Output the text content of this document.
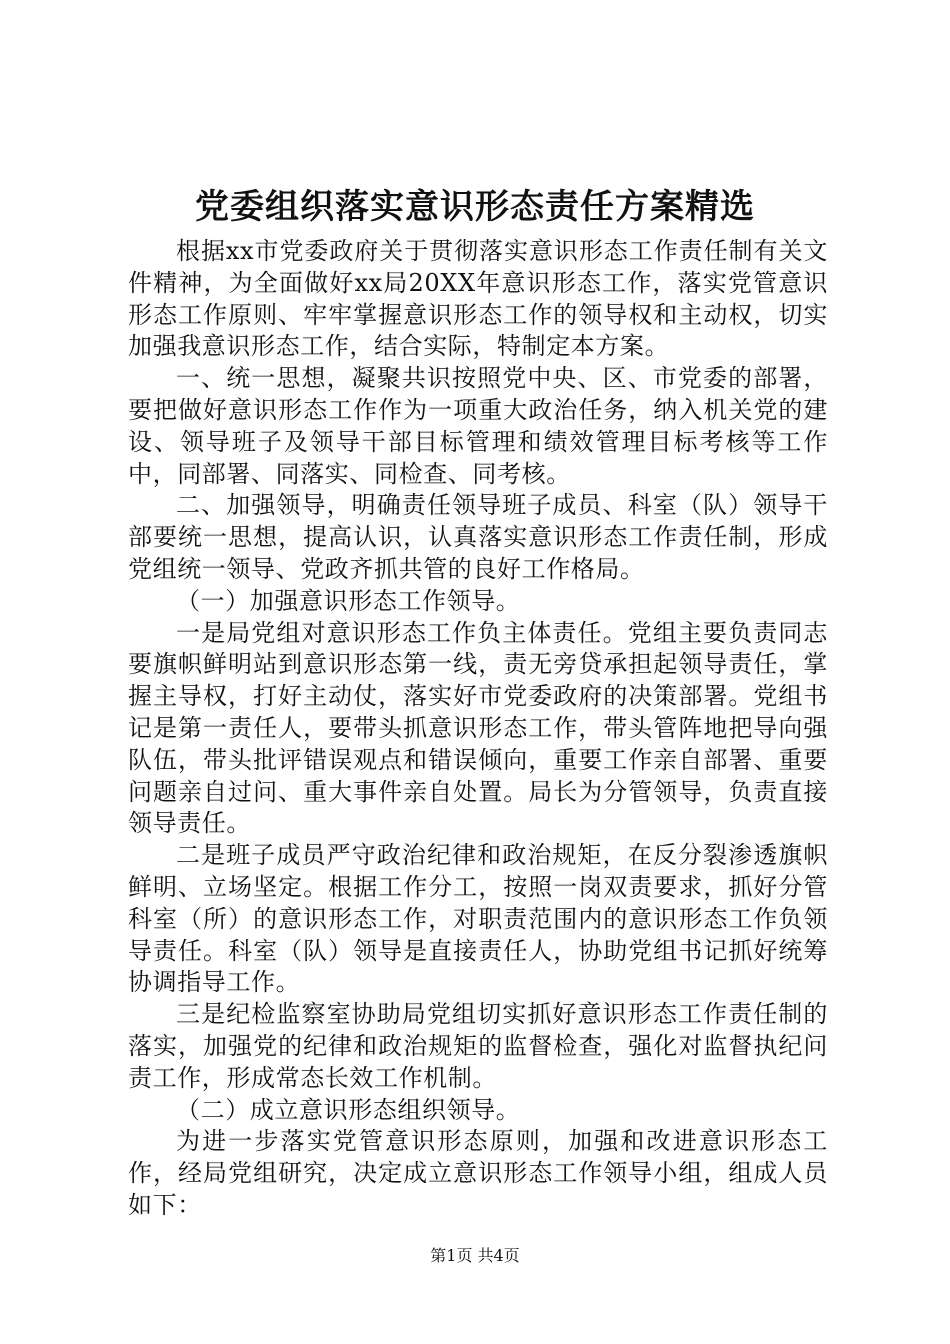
党委组织落实意识形态责任方案精选

根据xx市党委政府关于贯彻落实意识形态工作责任制有关文件精神，为全面做好xx局20XX年意识形态工作，落实党管意识形态工作原则、牢牢掌握意识形态工作的领导权和主动权，切实加强我意识形态工作，结合实际，特制定本方案。

一、统一思想，凝聚共识按照党中央、区、市党委的部署，要把做好意识形态工作作为一项重大政治任务，纳入机关党的建设、领导班子及领导干部目标管理和绩效管理目标考核等工作中，同部署、同落实、同检查、同考核。

二、加强领导，明确责任领导班子成员、科室（队）领导干部要统一思想，提高认识，认真落实意识形态工作责任制，形成党组统一领导、党政齐抓共管的良好工作格局。

（一）加强意识形态工作领导。

一是局党组对意识形态工作负主体责任。党组主要负责同志要旗帜鲜明站到意识形态第一线，责无旁贷承担起领导责任，掌握主导权，打好主动仗，落实好市党委政府的决策部署。党组书记是第一责任人，要带头抓意识形态工作，带头管阵地把导向强队伍，带头批评错误观点和错误倾向，重要工作亲自部署、重要问题亲自过问、重大事件亲自处置。局长为分管领导，负责直接领导责任。

二是班子成员严守政治纪律和政治规矩，在反分裂渗透旗帜鲜明、立场坚定。根据工作分工，按照一岗双责要求，抓好分管科室（所）的意识形态工作，对职责范围内的意识形态工作负领导责任。科室（队）领导是直接责任人，协助党组书记抓好统筹协调指导工作。

三是纪检监察室协助局党组切实抓好意识形态工作责任制的落实，加强党的纪律和政治规矩的监督检查，强化对监督执纪问责工作，形成常态长效工作机制。

（二）成立意识形态组织领导。

为进一步落实党管意识形态原则，加强和改进意识形态工作，经局党组研究，决定成立意识形态工作领导小组，组成人员如下：

第1页 共4页
